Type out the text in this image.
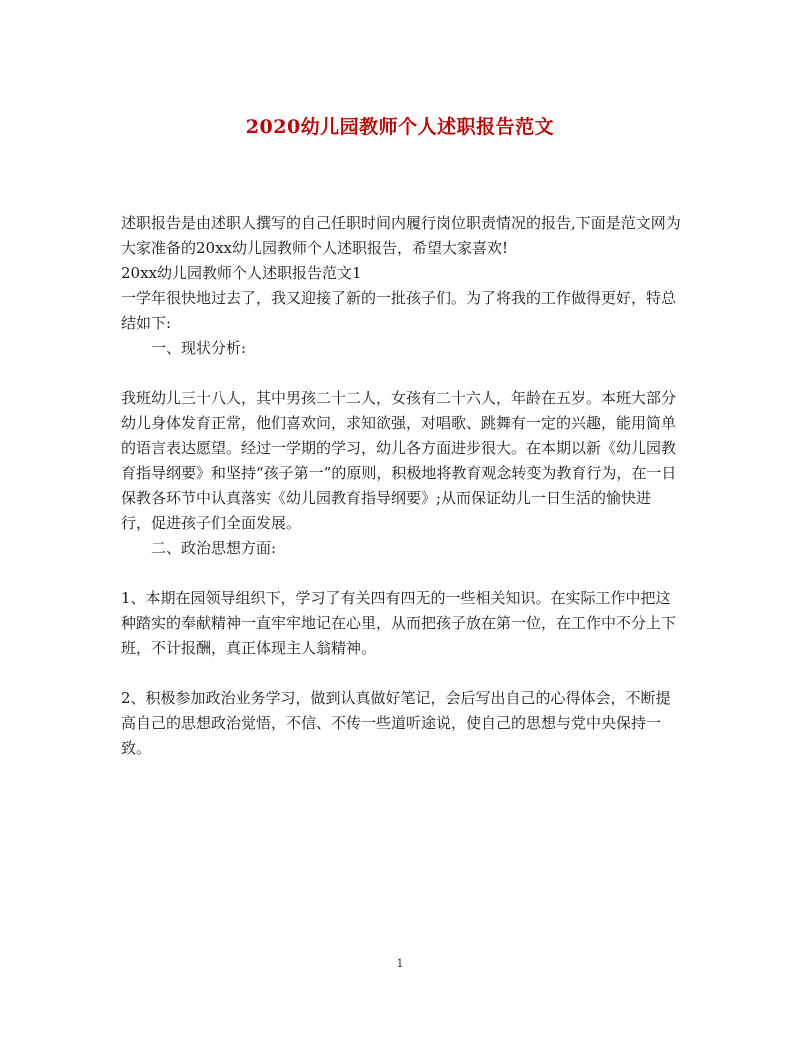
2020幼儿园教师个人述职报告范文

述职报告是由述职人撰写的自己任职时间内履行岗位职责情况的报告,下面是范文网为大家准备的20xx幼儿园教师个人述职报告，希望大家喜欢!

20xx幼儿园教师个人述职报告范文1

一学年很快地过去了，我又迎接了新的一批孩子们。为了将我的工作做得更好，特总结如下:

一、现状分析:

我班幼儿三十八人，其中男孩二十二人，女孩有二十六人，年龄在五岁。本班大部分幼儿身体发育正常，他们喜欢问，求知欲强，对唱歌、跳舞有一定的兴趣，能用简单的语言表达愿望。经过一学期的学习，幼儿各方面进步很大。在本期以新《幼儿园教育指导纲要》和坚持“孩子第一”的原则，积极地将教育观念转变为教育行为，在一日保教各环节中认真落实《幼儿园教育指导纲要》;从而保证幼儿一日生活的愉快进行，促进孩子们全面发展。

二、政治思想方面:

1、本期在园领导组织下，学习了有关四有四无的一些相关知识。在实际工作中把这种踏实的奉献精神一直牢牢地记在心里，从而把孩子放在第一位，在工作中不分上下班，不计报酬，真正体现主人翁精神。

2、积极参加政治业务学习，做到认真做好笔记，会后写出自己的心得体会，不断提高自己的思想政治觉悟，不信、不传一些道听途说，使自己的思想与党中央保持一致。

1
